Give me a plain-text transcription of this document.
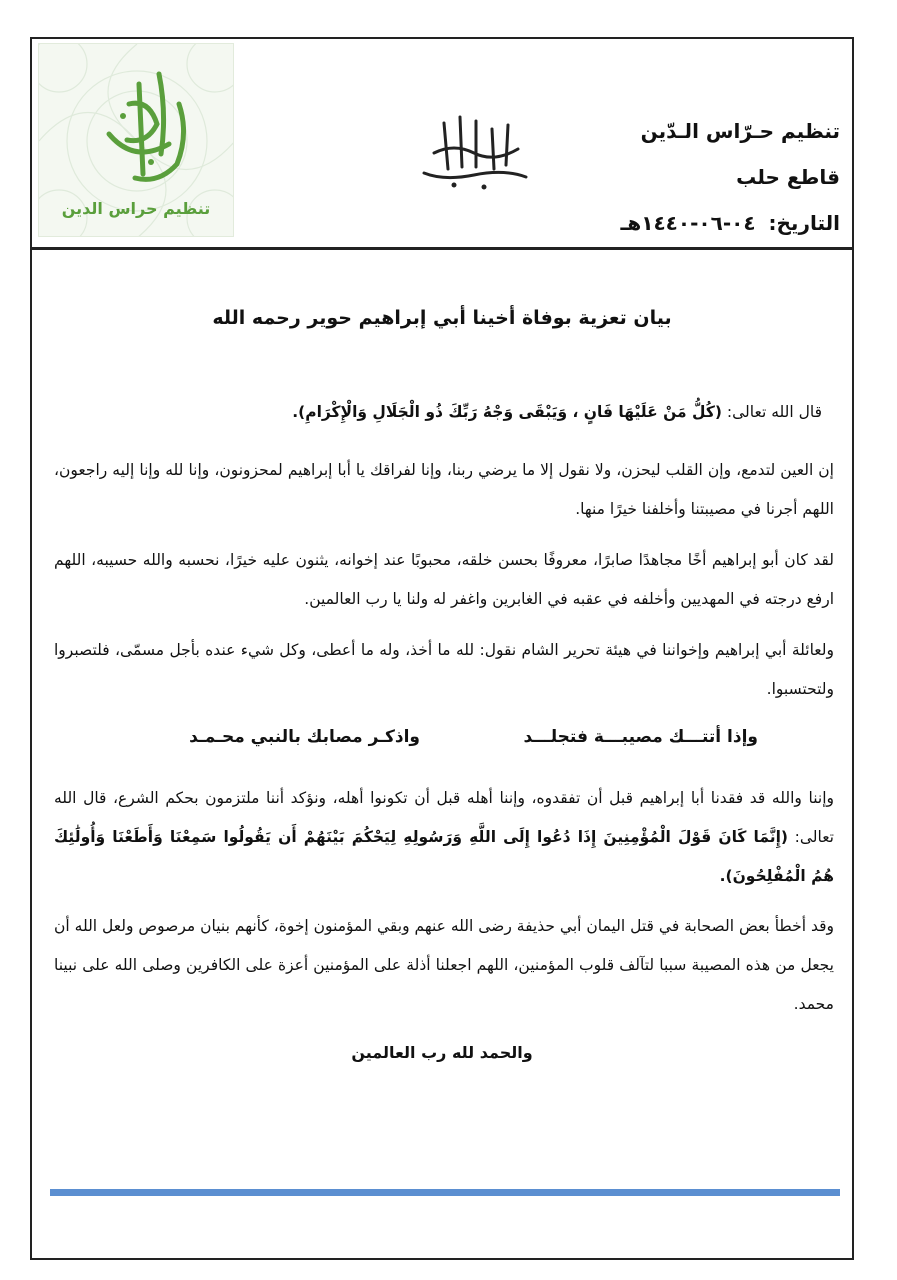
تنظيم حراس الدين
تنظيم حـرّاس الـدّين
قاطع حلب
التاريخ: ٠٤-٠٦-١٤٤٠هـ
بيان تعزية بوفاة أخينا أبي إبراهيم حوير رحمه الله
قال الله تعالى: (كُلُّ مَنْ عَلَيْهَا فَانٍ ، وَيَبْقَى وَجْهُ رَبِّكَ ذُو الْجَلَالِ وَالْإِكْرَامِ).
إن العين لتدمع، وإن القلب ليحزن، ولا نقول إلا ما يرضي ربنا، وإنا لفراقك يا أبا إبراهيم لمحزونون، وإنا لله وإنا إليه راجعون، اللهم أجرنا في مصيبتنا وأخلفنا خيرًا منها.
لقد كان أبو إبراهيم أخًا مجاهدًا صابرًا، معروفًا بحسن خلقه، محبوبًا عند إخوانه، يثنون عليه خيرًا، نحسبه والله حسيبه، اللهم ارفع درجته في المهديين وأخلفه في عقبه في الغابرين واغفر له ولنا يا رب العالمين.
ولعائلة أبي إبراهيم وإخواننا في هيئة تحرير الشام نقول: لله ما أخذ، وله ما أعطى، وكل شيء عنده بأجل مسمّى، فلتصبروا ولتحتسبوا.
وإذا أتتـــك مصيبـــة فتجلـــد
واذكـر مصابك بالنبي محـمـد
وإننا والله قد فقدنا أبا إبراهيم قبل أن تفقدوه، وإننا أهله قبل أن تكونوا أهله، ونؤكد أننا ملتزمون بحكم الشرع، قال الله تعالى: (إِنَّمَا كَانَ قَوْلَ الْمُؤْمِنِينَ إِذَا دُعُوا إِلَى اللَّهِ وَرَسُولِهِ لِيَحْكُمَ بَيْنَهُمْ أَن يَقُولُوا سَمِعْنَا وَأَطَعْنَا وَأُولَٰئِكَ هُمُ الْمُفْلِحُونَ).
وقد أخطأ بعض الصحابة في قتل اليمان أبي حذيفة رضى الله عنهم وبقي المؤمنون إخوة، كأنهم بنيان مرصوص ولعل الله أن يجعل من هذه المصيبة سببا لتآلف قلوب المؤمنين، اللهم اجعلنا أذلة على المؤمنين أعزة على الكافرين وصلى الله على نبينا محمد.
والحمد لله رب العالمين
